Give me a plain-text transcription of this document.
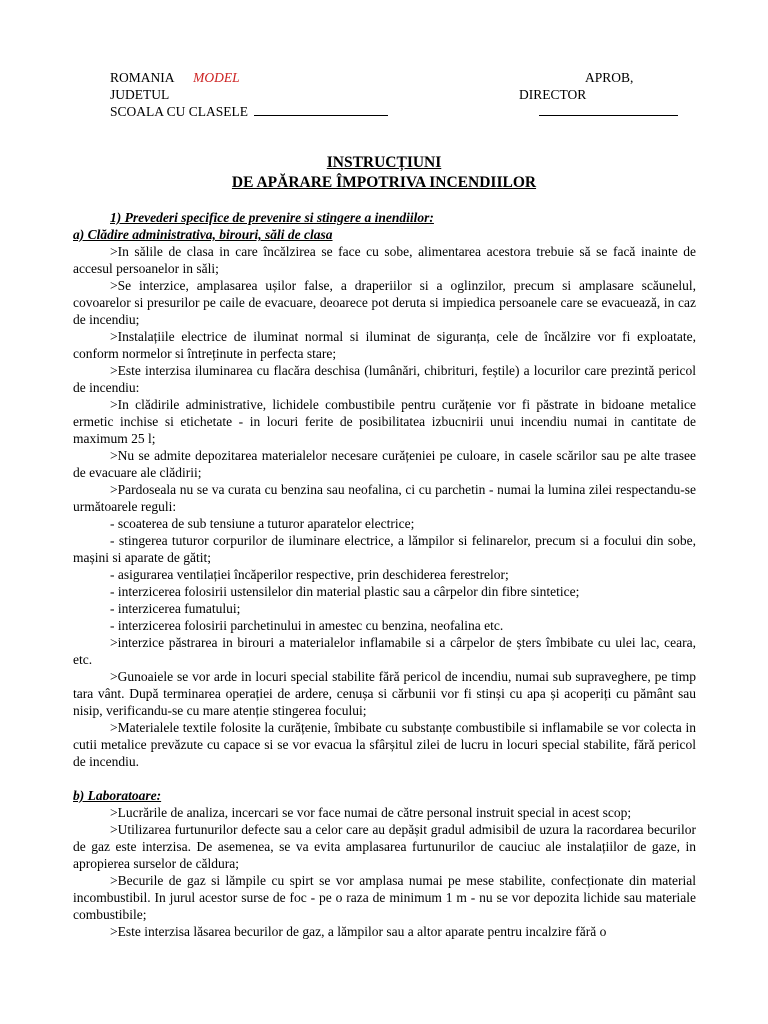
ROMANIA MODEL	APROB,
JUDETUL	DIRECTOR
SCOALA CU CLASELE
INSTRUCȚIUNI
DE APĂRARE ÎMPOTRIVA INCENDIILOR

1) Prevederi specifice de prevenire si stingere a inendiilor:

a) Clădire administrativa, birouri, săli de clasa

>In sălile de clasa in care încălzirea se face cu sobe, alimentarea acestora trebuie să se facă inainte de accesul persoanelor in săli;

>Se interzice, amplasarea ușilor false, a draperiilor si a oglinzilor, precum si amplasare scăunelul, covoarelor si presurilor pe caile de evacuare, deoarece pot deruta si impiedica persoanele care se evacuează, in caz de incendiu;

>Instalațiile electrice de iluminat normal si iluminat de siguranța, cele de încălzire vor fi exploatate, conform normelor si întreținute in perfecta stare;

>Este interzisa iluminarea cu flacăra deschisa (lumânări, chibrituri, feștile) a locurilor care prezintă pericol de incendiu:

>In clădirile administrative, lichidele combustibile pentru curățenie vor fi păstrate in bidoane metalice ermetic inchise si etichetate - in locuri ferite de posibilitatea izbucnirii unui incendiu numai in cantitate de maximum 25 l;

>Nu se admite depozitarea materialelor necesare curățeniei pe culoare, in casele scărilor sau pe alte trasee de evacuare ale clădirii;

>Pardoseala nu se va curata cu benzina sau neofalina, ci cu parchetin - numai la lumina zilei respectandu-se următoarele reguli:

- scoaterea de sub tensiune a tuturor aparatelor electrice;

- stingerea tuturor corpurilor de iluminare electrice, a lămpilor si felinarelor, precum si a focului din sobe, mașini si aparate de gătit;

- asigurarea ventilației încăperilor respective, prin deschiderea ferestrelor;

- interzicerea folosirii ustensilelor din material plastic sau a cârpelor din fibre sintetice;

- interzicerea fumatului;

- interzicerea folosirii parchetinului in amestec cu benzina, neofalina etc.

>interzice păstrarea in birouri a materialelor inflamabile si a cârpelor de șters îmbibate cu ulei lac, ceara, etc.

>Gunoaiele se vor arde in locuri special stabilite fără pericol de incendiu, numai sub supraveghere, pe timp tara vânt. După terminarea operației de ardere, cenușa si cărbunii vor fi stinși cu apa și acoperiți cu pământ sau nisip, verificandu-se cu mare atenție stingerea focului;

>Materialele textile folosite la curățenie, îmbibate cu substanțe combustibile si inflamabile se vor colecta in cutii metalice prevăzute cu capace si se vor evacua la sfârșitul zilei de lucru in locuri special stabilite, fără pericol de incendiu.

b) Laboratoare:

>Lucrările de analiza, incercari se vor face numai de către personal instruit special in acest scop;

>Utilizarea furtunurilor defecte sau a celor care au depășit gradul admisibil de uzura la racordarea becurilor de gaz este interzisa. De asemenea, se va evita amplasarea furtunurilor de cauciuc ale instalațiilor de gaze, in apropierea surselor de căldura;

>Becurile de gaz si lămpile cu spirt se vor amplasa numai pe mese stabilite, confecționate din material incombustibil. In jurul acestor surse de foc - pe o raza de minimum 1 m - nu se vor depozita lichide sau materiale combustibile;

>Este interzisa lăsarea becurilor de gaz, a lămpilor sau a altor aparate pentru incalzire fără o
